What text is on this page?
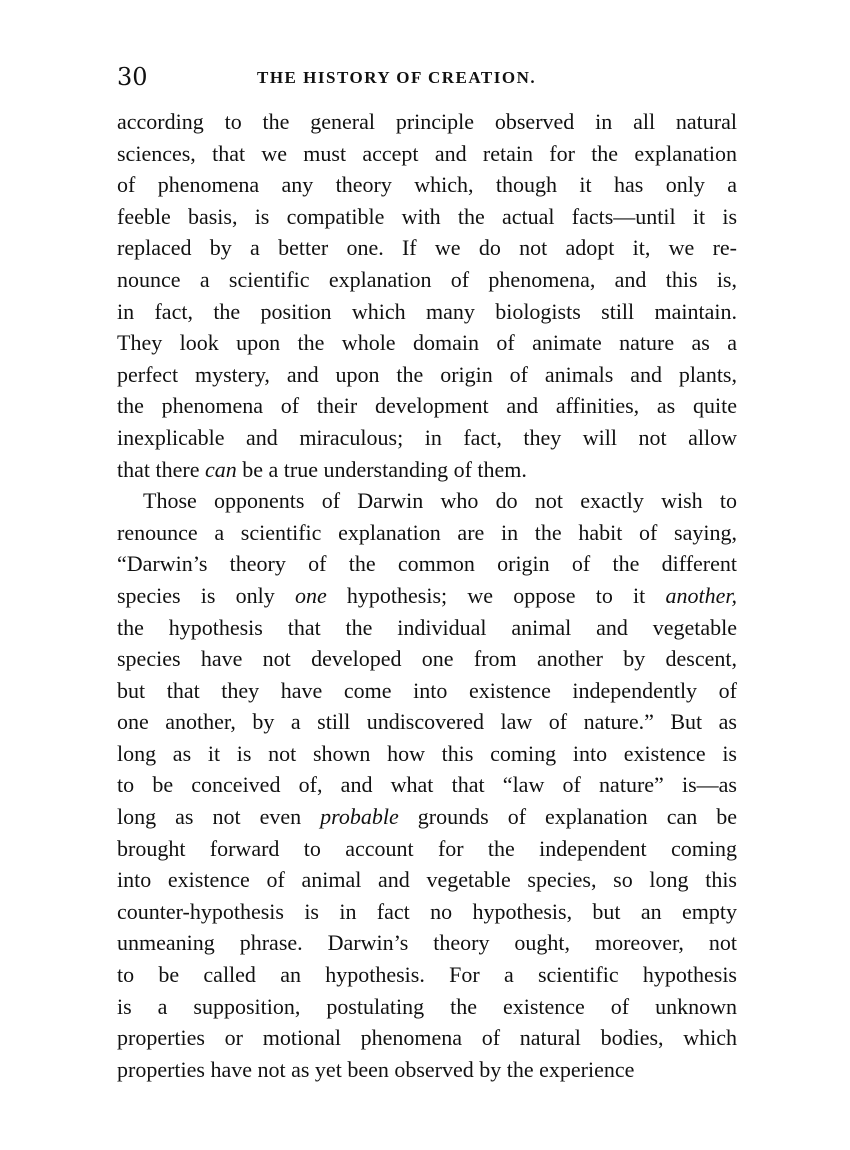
30	THE HISTORY OF CREATION.
according to the general principle observed in all natural
sciences, that we must accept and retain for the explanation
of phenomena any theory which, though it has only a
feeble basis, is compatible with the actual facts—until it is
replaced by a better one. If we do not adopt it, we re-
nounce a scientific explanation of phenomena, and this is,
in fact, the position which many biologists still maintain.
They look upon the whole domain of animate nature as a
perfect mystery, and upon the origin of animals and plants,
the phenomena of their development and affinities, as quite
inexplicable and miraculous; in fact, they will not allow
that there can be a true understanding of them.
Those opponents of Darwin who do not exactly wish to
renounce a scientific explanation are in the habit of saying,
“Darwin’s theory of the common origin of the different
species is only one hypothesis; we oppose to it another,
the hypothesis that the individual animal and vegetable
species have not developed one from another by descent,
but that they have come into existence independently of
one another, by a still undiscovered law of nature.” But as
long as it is not shown how this coming into existence is
to be conceived of, and what that “law of nature” is—as
long as not even probable grounds of explanation can be
brought forward to account for the independent coming
into existence of animal and vegetable species, so long this
counter-hypothesis is in fact no hypothesis, but an empty
unmeaning phrase. Darwin’s theory ought, moreover, not
to be called an hypothesis. For a scientific hypothesis
is a supposition, postulating the existence of unknown
properties or motional phenomena of natural bodies, which
properties have not as yet been observed by the experience
